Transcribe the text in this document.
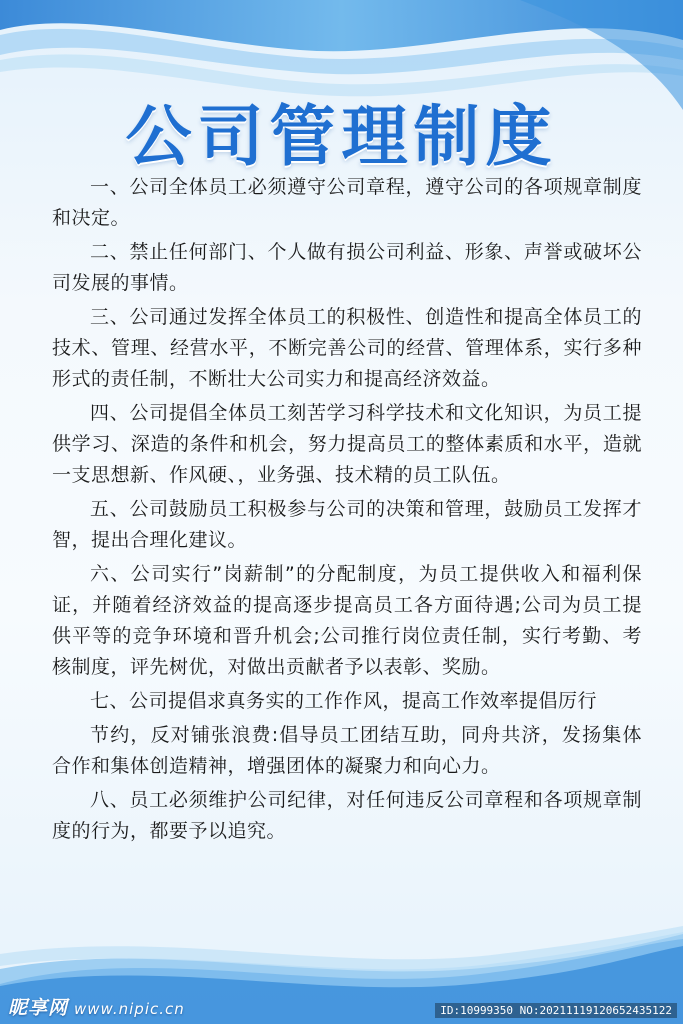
公司管理制度

一、公司全体员工必须遵守公司章程，遵守公司的各项规章制度和决定。

二、禁止任何部门、个人做有损公司利益、形象、声誉或破坏公司发展的事情。

三、公司通过发挥全体员工的积极性、创造性和提高全体员工的技术、管理、经营水平，不断完善公司的经营、管理体系，实行多种形式的责任制，不断壮大公司实力和提高经济效益。

四、公司提倡全体员工刻苦学习科学技术和文化知识，为员工提供学习、深造的条件和机会，努力提高员工的整体素质和水平，造就一支思想新、作风硬、，业务强、技术精的员工队伍。

五、公司鼓励员工积极参与公司的决策和管理，鼓励员工发挥才智，提出合理化建议。

六、公司实行”岗薪制”的分配制度，为员工提供收入和福利保证，并随着经济效益的提高逐步提高员工各方面待遇;公司为员工提供平等的竞争环境和晋升机会;公司推行岗位责任制，实行考勤、考核制度，评先树优，对做出贡献者予以表彰、奖励。

七、公司提倡求真务实的工作作风，提高工作效率提倡厉行

节约，反对铺张浪费:倡导员工团结互助，同舟共济，发扬集体合作和集体创造精神，增强团体的凝聚力和向心力。

八、员工必须维护公司纪律，对任何违反公司章程和各项规章制度的行为，都要予以追究。

昵享网 www.nipic.cn	ID:10999350 NO:20211119120652435122
